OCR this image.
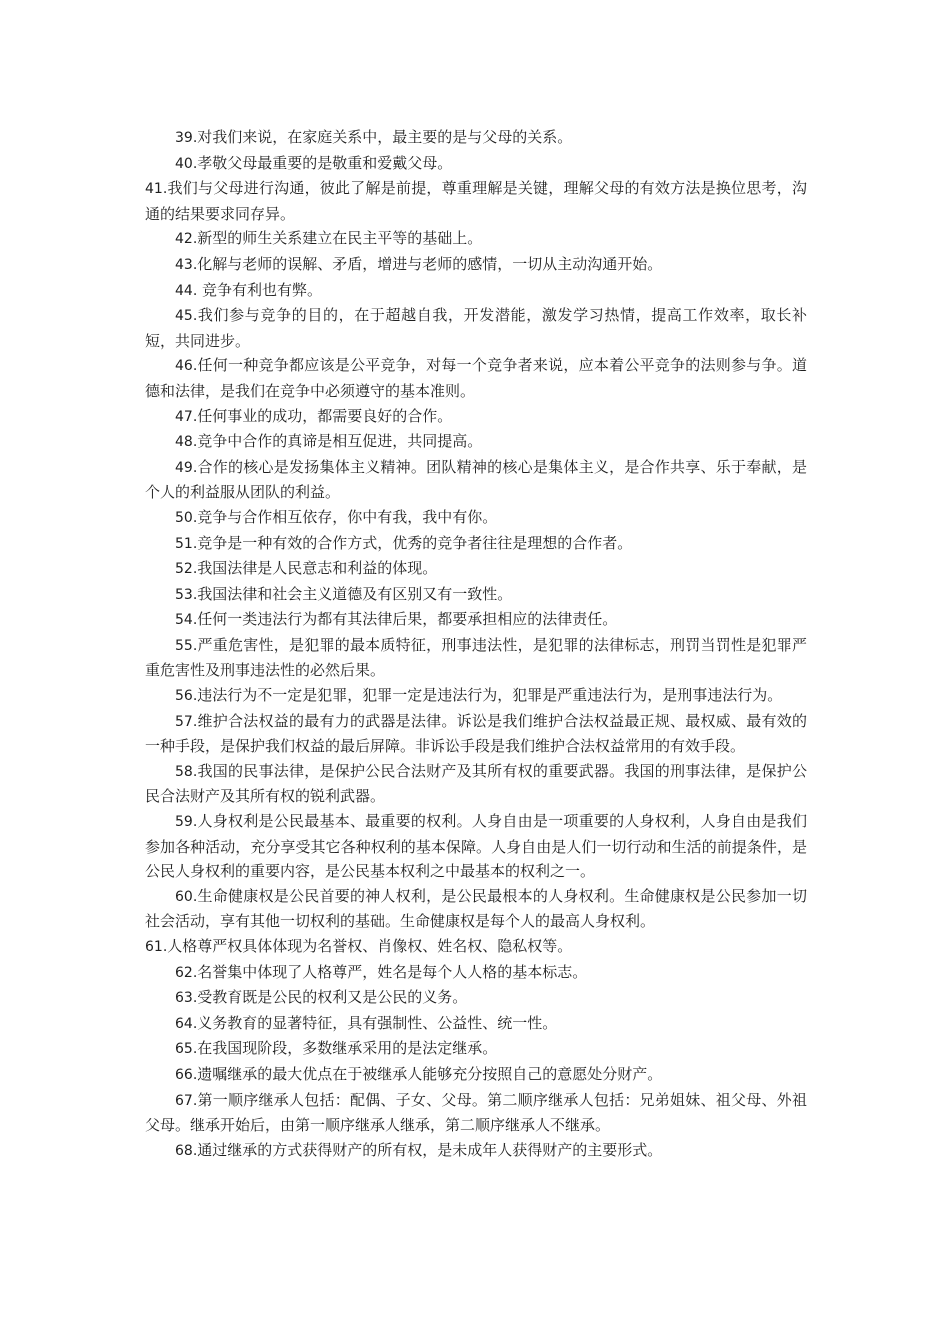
39.对我们来说，在家庭关系中，最主要的是与父母的关系。

40.孝敬父母最重要的是敬重和爱戴父母。

41.我们与父母进行沟通，彼此了解是前提，尊重理解是关键，理解父母的有效方法是换位思考，沟通的结果要求同存异。

42.新型的师生关系建立在民主平等的基础上。

43.化解与老师的误解、矛盾，增进与老师的感情，一切从主动沟通开始。

44. 竞争有利也有弊。

45.我们参与竞争的目的，在于超越自我，开发潜能，激发学习热情，提高工作效率，取长补短，共同进步。

46.任何一种竞争都应该是公平竞争，对每一个竞争者来说，应本着公平竞争的法则参与争。道德和法律，是我们在竞争中必须遵守的基本准则。

47.任何事业的成功，都需要良好的合作。

48.竞争中合作的真谛是相互促进，共同提高。

49.合作的核心是发扬集体主义精神。团队精神的核心是集体主义，是合作共享、乐于奉献，是个人的利益服从团队的利益。

50.竞争与合作相互依存，你中有我，我中有你。

51.竞争是一种有效的合作方式，优秀的竞争者往往是理想的合作者。

52.我国法律是人民意志和利益的体现。

53.我国法律和社会主义道德及有区别又有一致性。

54.任何一类违法行为都有其法律后果，都要承担相应的法律责任。

55.严重危害性，是犯罪的最本质特征，刑事违法性，是犯罪的法律标志，刑罚当罚性是犯罪严重危害性及刑事违法性的必然后果。

56.违法行为不一定是犯罪，犯罪一定是违法行为，犯罪是严重违法行为，是刑事违法行为。

57.维护合法权益的最有力的武器是法律。诉讼是我们维护合法权益最正规、最权威、最有效的一种手段，是保护我们权益的最后屏障。非诉讼手段是我们维护合法权益常用的有效手段。

58.我国的民事法律，是保护公民合法财产及其所有权的重要武器。我国的刑事法律，是保护公民合法财产及其所有权的锐利武器。

59.人身权利是公民最基本、最重要的权利。人身自由是一项重要的人身权利，人身自由是我们参加各种活动，充分享受其它各种权利的基本保障。人身自由是人们一切行动和生活的前提条件，是公民人身权利的重要内容，是公民基本权利之中最基本的权利之一。

60.生命健康权是公民首要的神人权利，是公民最根本的人身权利。生命健康权是公民参加一切社会活动，享有其他一切权利的基础。生命健康权是每个人的最高人身权利。

61.人格尊严权具体体现为名誉权、肖像权、姓名权、隐私权等。

62.名誉集中体现了人格尊严，姓名是每个人人格的基本标志。

63.受教育既是公民的权利又是公民的义务。

64.义务教育的显著特征，具有强制性、公益性、统一性。

65.在我国现阶段，多数继承采用的是法定继承。

66.遗嘱继承的最大优点在于被继承人能够充分按照自己的意愿处分财产。

67.第一顺序继承人包括：配偶、子女、父母。第二顺序继承人包括：兄弟姐妹、祖父母、外祖父母。继承开始后，由第一顺序继承人继承，第二顺序继承人不继承。

68.通过继承的方式获得财产的所有权，是未成年人获得财产的主要形式。
